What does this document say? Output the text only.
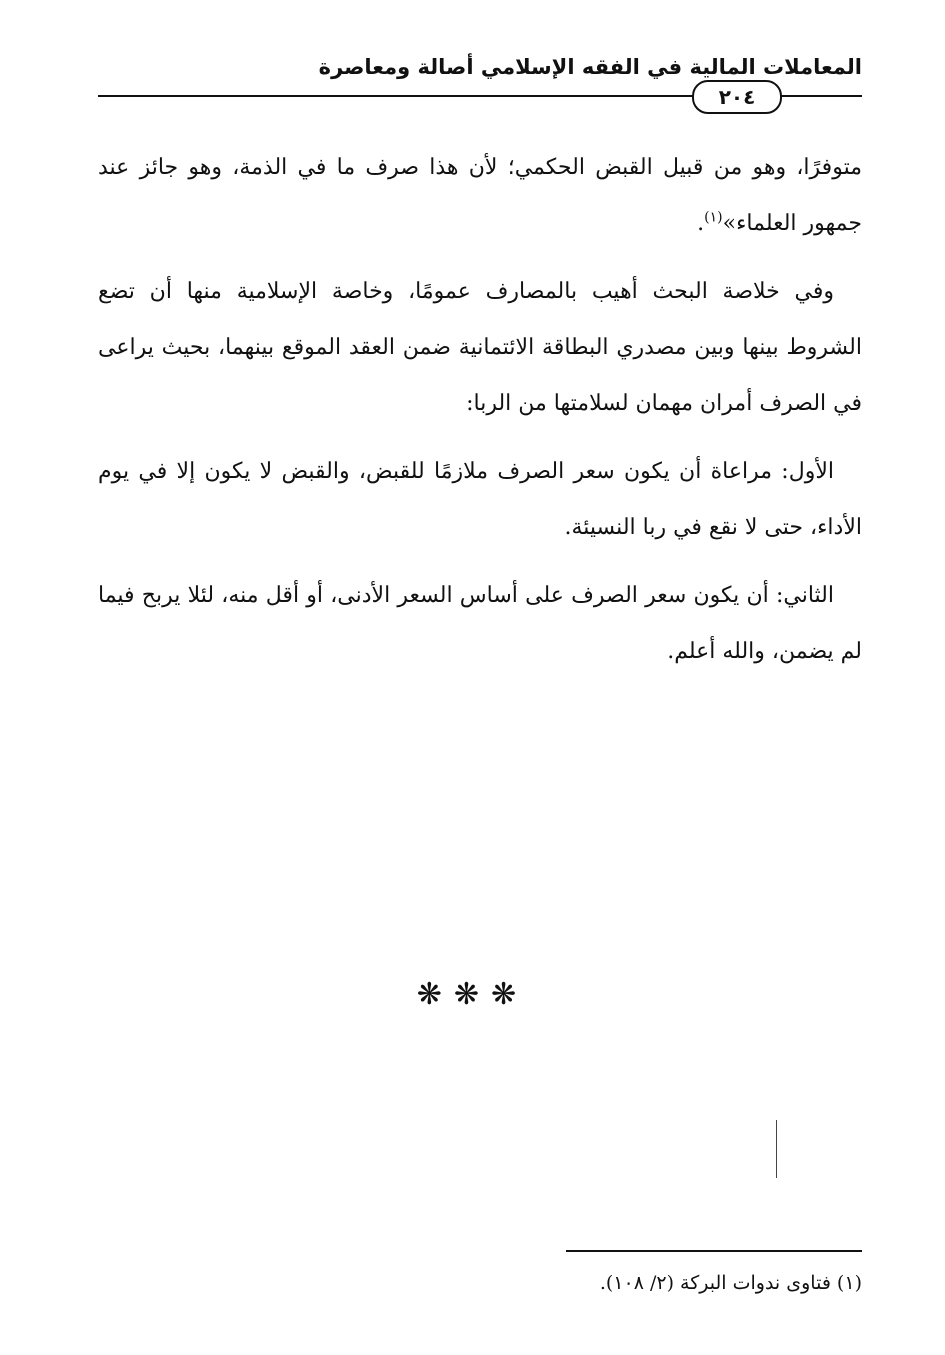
المعاملات المالية في الفقه الإسلامي أصالة ومعاصرة
٢٠٤

متوفرًا، وهو من قبيل القبض الحكمي؛ لأن هذا صرف ما في الذمة، وهو جائز عند جمهور العلماء»$^{(١)}$.

وفي خلاصة البحث أهيب بالمصارف عمومًا، وخاصة الإسلامية منها أن تضع الشروط بينها وبين مصدري البطاقة الائتمانية ضمن العقد الموقع بينهما، بحيث يراعى في الصرف أمران مهمان لسلامتها من الربا:

الأول: مراعاة أن يكون سعر الصرف ملازمًا للقبض، والقبض لا يكون إلا في يوم الأداء، حتى لا نقع في ربا النسيئة.

الثاني: أن يكون سعر الصرف على أساس السعر الأدنى، أو أقل منه، لئلا يربح فيما لم يضمن، والله أعلم.

❋❋❋
(١) فتاوى ندوات البركة (٢/ ١٠٨).
